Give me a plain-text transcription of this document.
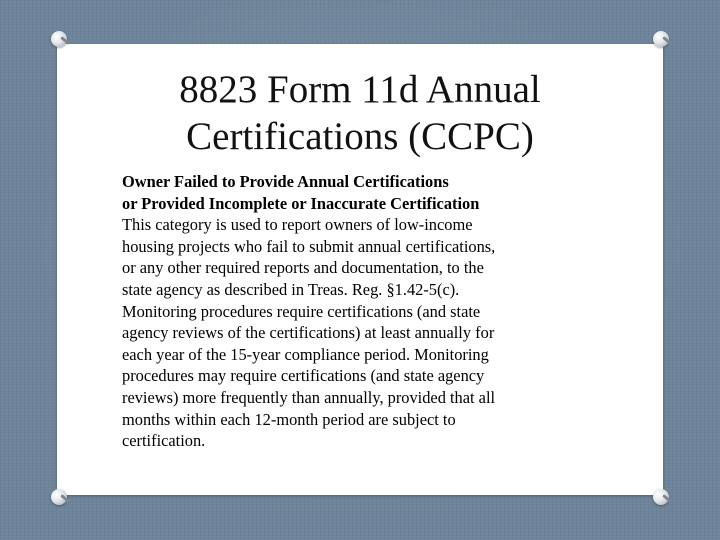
8823 Form 11d Annual
Certifications (CCPC)

Owner Failed to Provide Annual Certifications

or Provided Incomplete or Inaccurate Certification

This category is used to report owners of low-income

housing projects who fail to submit annual certifications,

or any other required reports and documentation, to the

state agency as described in Treas. Reg. §1.42-5(c).

Monitoring procedures require certifications (and state

agency reviews of the certifications) at least annually for

each year of the 15-year compliance period. Monitoring

procedures may require certifications (and state agency

reviews) more frequently than annually, provided that all

months within each 12-month period are subject to

certification.
